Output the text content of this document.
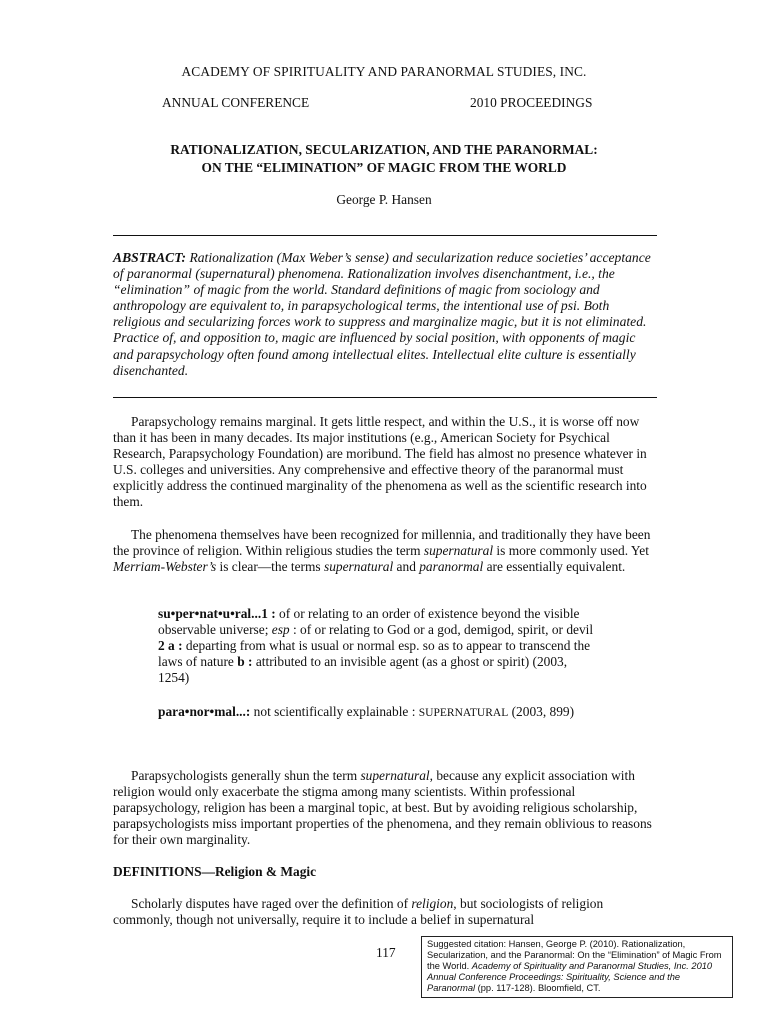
ACADEMY OF SPIRITUALITY AND PARANORMAL STUDIES, INC.
ANNUAL CONFERENCE	2010 PROCEEDINGS
RATIONALIZATION, SECULARIZATION, AND THE PARANORMAL:
ON THE “ELIMINATION” OF MAGIC FROM THE WORLD
George P. Hansen
ABSTRACT: Rationalization (Max Weber’s sense) and secularization reduce societies’ acceptance of paranormal (supernatural) phenomena. Rationalization involves disenchantment, i.e., the “elimination” of magic from the world. Standard definitions of magic from sociology and anthropology are equivalent to, in parapsychological terms, the intentional use of psi. Both religious and secularizing forces work to suppress and marginalize magic, but it is not eliminated. Practice of, and opposition to, magic are influenced by social position, with opponents of magic and parapsychology often found among intellectual elites. Intellectual elite culture is essentially disenchanted.
Parapsychology remains marginal. It gets little respect, and within the U.S., it is worse off now than it has been in many decades. Its major institutions (e.g., American Society for Psychical Research, Parapsychology Foundation) are moribund. The field has almost no presence whatever in U.S. colleges and universities. Any comprehensive and effective theory of the paranormal must explicitly address the continued marginality of the phenomena as well as the scientific research into them.
The phenomena themselves have been recognized for millennia, and traditionally they have been the province of religion. Within religious studies the term supernatural is more commonly used. Yet Merriam-Webster’s is clear—the terms supernatural and paranormal are essentially equivalent.
su•per•nat•u•ral...1 : of or relating to an order of existence beyond the visible observable universe; esp : of or relating to God or a god, demigod, spirit, or devil 2 a : departing from what is usual or normal esp. so as to appear to transcend the laws of nature b : attributed to an invisible agent (as a ghost or spirit) (2003, 1254)
para•nor•mal...: not scientifically explainable : SUPERNATURAL (2003, 899)
Parapsychologists generally shun the term supernatural, because any explicit association with religion would only exacerbate the stigma among many scientists. Within professional parapsychology, religion has been a marginal topic, at best. But by avoiding religious scholarship, parapsychologists miss important properties of the phenomena, and they remain oblivious to reasons for their own marginality.
DEFINITIONS—Religion & Magic
Scholarly disputes have raged over the definition of religion, but sociologists of religion commonly, though not universally, require it to include a belief in supernatural
117
Suggested citation: Hansen, George P. (2010). Rationalization, Secularization, and the Paranormal: On the “Elimination” of Magic From the World. Academy of Spirituality and Paranormal Studies, Inc. 2010 Annual Conference Proceedings: Spirituality, Science and the Paranormal (pp. 117-128). Bloomfield, CT.
